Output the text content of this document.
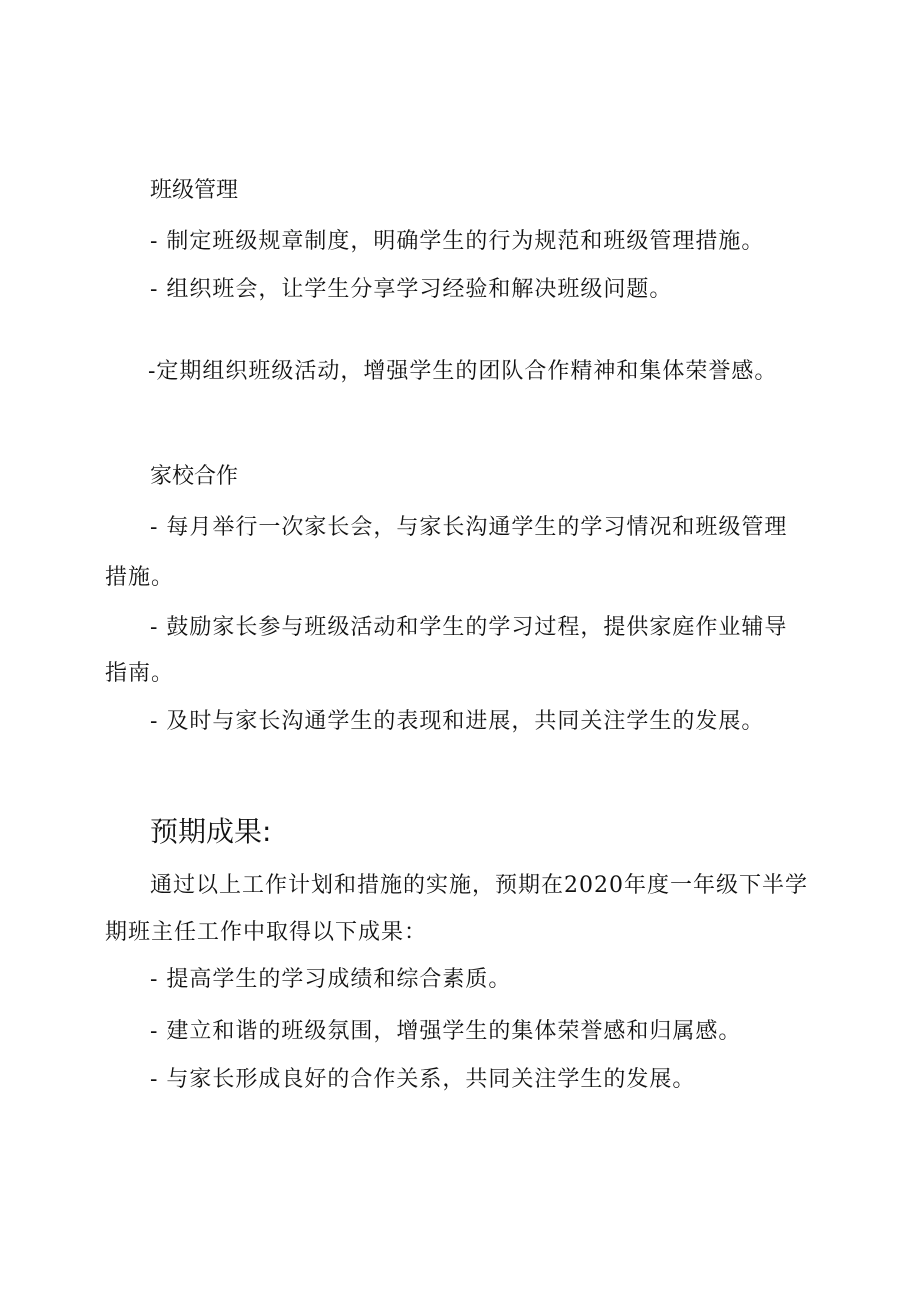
班级管理
- 制定班级规章制度，明确学生的行为规范和班级管理措施。
- 组织班会，让学生分享学习经验和解决班级问题。
-定期组织班级活动，增强学生的团队合作精神和集体荣誉感。
家校合作
- 每月举行一次家长会，与家长沟通学生的学习情况和班级管理
措施。
- 鼓励家长参与班级活动和学生的学习过程，提供家庭作业辅导
指南。
- 及时与家长沟通学生的表现和进展，共同关注学生的发展。
预期成果:
通过以上工作计划和措施的实施，预期在2020年度一年级下半学
期班主任工作中取得以下成果：
- 提高学生的学习成绩和综合素质。
- 建立和谐的班级氛围，增强学生的集体荣誉感和归属感。
- 与家长形成良好的合作关系，共同关注学生的发展。
